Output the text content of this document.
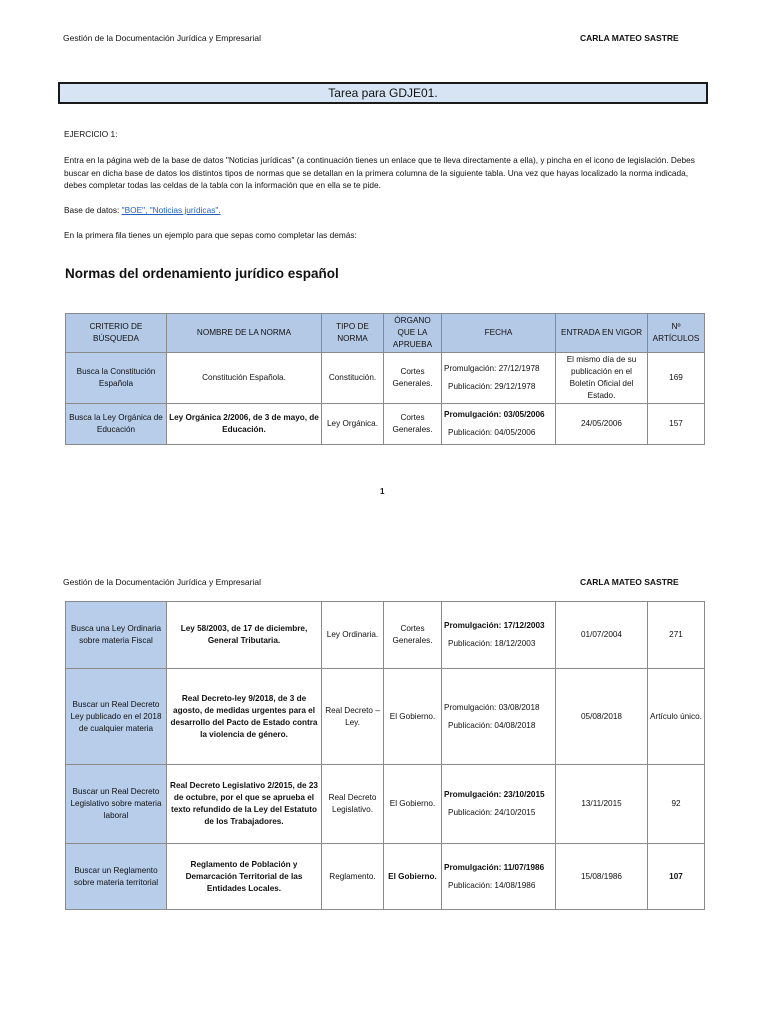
Gestión de la Documentación Jurídica y Empresarial	CARLA MATEO SASTRE
Tarea para GDJE01.

EJERCICIO 1:

Entra en la página web de la base de datos "Noticias jurídicas" (a continuación tienes un enlace que te lleva directamente a ella), y pincha en el icono de legislación. Debes buscar en dicha base de datos los distintos tipos de normas que se detallan en la primera columna de la siguiente tabla. Una vez que hayas localizado la norma indicada, debes completar todas las celdas de la tabla con la información que en ella se te pide.

Base de datos: "BOE", "Noticias jurídicas".

En la primera fila tienes un ejemplo para que sepas como completar las demás:

Normas del ordenamiento jurídico español
CRITERIO DE BÚSQUEDA	NOMBRE DE LA NORMA	TIPO DE NORMA	ÓRGANO QUE LA APRUEBA	FECHA	ENTRADA EN VIGOR	Nº ARTÍCULOS
Busca la Constitución Española	Constitución Española.	Constitución.	Cortes Generales.	Promulgación: 27/12/1978
Publicación: 29/12/1978	El mismo día de su publicación en el Boletín Oficial del Estado.	169
Busca la Ley Orgánica de Educación	Ley Orgánica 2/2006, de 3 de mayo, de Educación.	Ley Orgánica.	Cortes Generales.	Promulgación: 03/05/2006
Publicación: 04/05/2006	24/05/2006	157
1
Gestión de la Documentación Jurídica y Empresarial	CARLA MATEO SASTRE
Busca una Ley Ordinaria sobre materia Fiscal	Ley 58/2003, de 17 de diciembre, General Tributaria.	Ley Ordinaria.	Cortes Generales.	Promulgación: 17/12/2003
Publicación: 18/12/2003	01/07/2004	271
Buscar un Real Decreto Ley publicado en el 2018 de cualquier materia	Real Decreto-ley 9/2018, de 3 de agosto, de medidas urgentes para el desarrollo del Pacto de Estado contra la violencia de género.	Real Decreto – Ley.	El Gobierno.	Promulgación: 03/08/2018
Publicación: 04/08/2018	05/08/2018	Artículo único.
Buscar un Real Decreto Legislativo sobre materia laboral	Real Decreto Legislativo 2/2015, de 23 de octubre, por el que se aprueba el texto refundido de la Ley del Estatuto de los Trabajadores.	Real Decreto Legislativo.	El Gobierno.	Promulgación: 23/10/2015
Publicación: 24/10/2015	13/11/2015	92
Buscar un Reglamento sobre materia territorial	Reglamento de Población y Demarcación Territorial de las Entidades Locales.	Reglamento.	El Gobierno.	Promulgación: 11/07/1986
Publicación: 14/08/1986	15/08/1986	107
